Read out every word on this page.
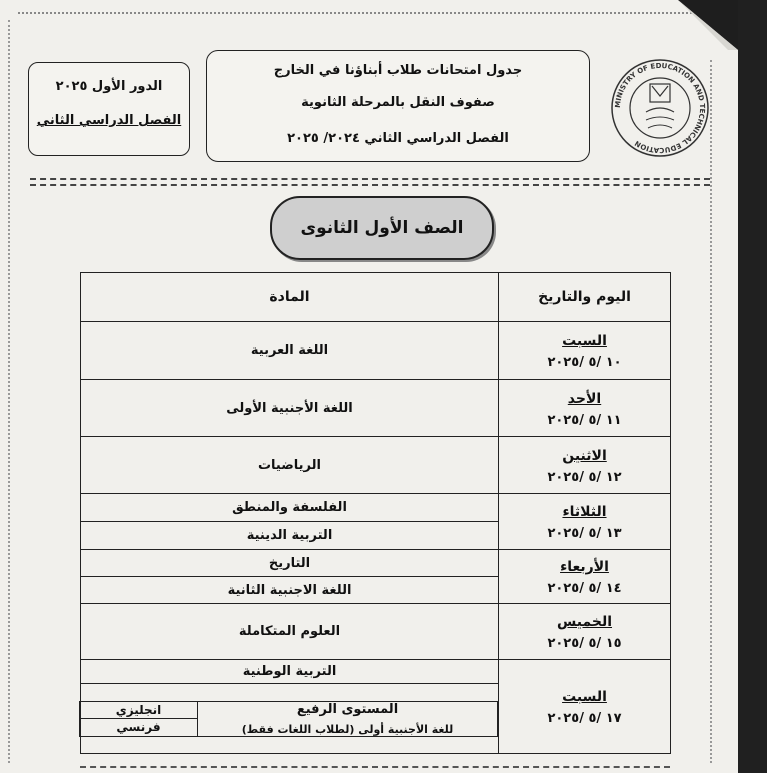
MINISTRY OF EDUCATION AND TECHNICAL EDUCATION
جدول امتحانات طلاب أبناؤنا في الخارج
صفوف النقل بالمرحلة الثانوية
الفصل الدراسي الثاني ٢٠٢٤/ ٢٠٢٥
الدور الأول ٢٠٢٥
الفصل الدراسي الثاني
الصف الأول الثانوى
اليوم والتاريخ	المادة

السبت
١٠ /٥ /٢٠٢٥
	اللغة العربية

الأحد
١١ /٥ /٢٠٢٥
	اللغة الأجنبية الأولى

الاثنين
١٢ /٥ /٢٠٢٥
	الرياضيات

الثلاثاء
١٣ /٥ /٢٠٢٥
	الفلسفة والمنطق
التربية الدينية

الأربعاء
١٤ /٥ /٢٠٢٥
	التاريخ
اللغة الاجنبية الثانية

الخميس
١٥ /٥ /٢٠٢٥
	العلوم المتكاملة

السبت
١٧ /٥ /٢٠٢٥
	التربية الوطنية

المستوى الرفيع
للغة الأجنبية أولى (لطلاب اللغات فقط)
	انجليزي
فرنسي
